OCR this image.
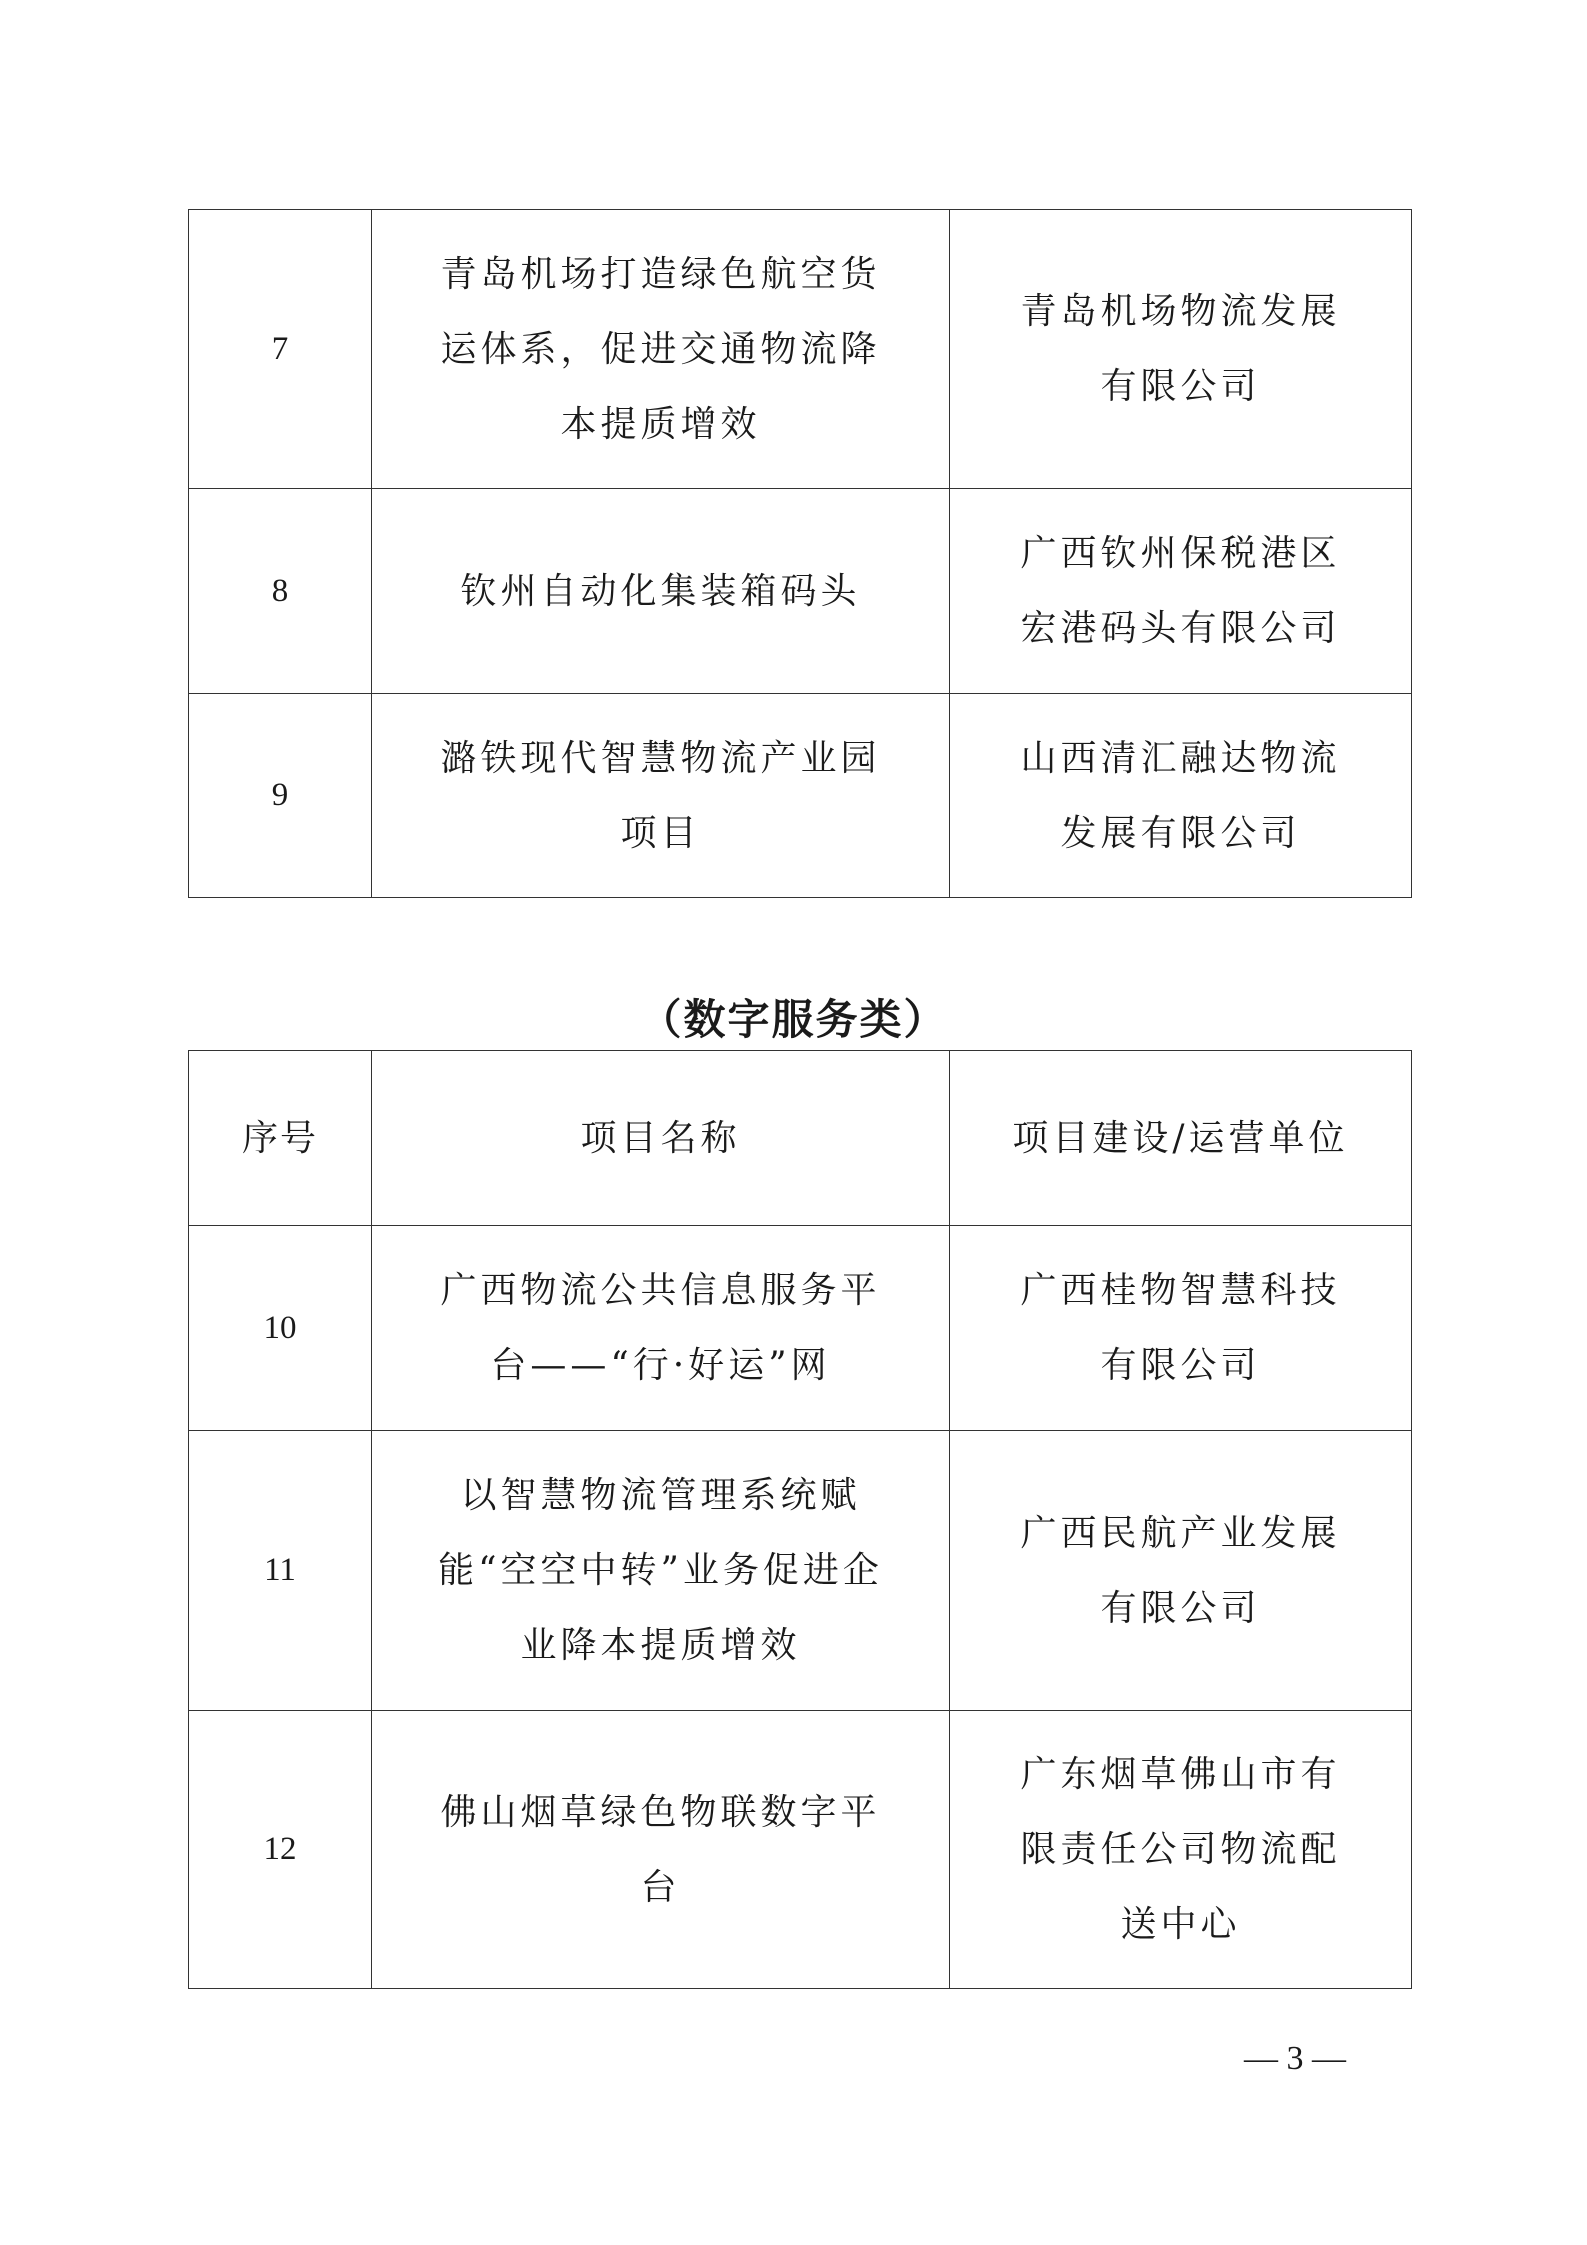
7	青岛机场打造绿色航空货运体系，促进交通物流降本提质增效	青岛机场物流发展有限公司
8	钦州自动化集装箱码头	广西钦州保税港区宏港码头有限公司
9	潞铁现代智慧物流产业园项目	山西清汇融达物流发展有限公司
（数字服务类）
序号	项目名称	项目建设/运营单位
10	广西物流公共信息服务平台——“行·好运”网	广西桂物智慧科技有限公司
11	以智慧物流管理系统赋能“空空中转”业务促进企业降本提质增效	广西民航产业发展有限公司
12	佛山烟草绿色物联数字平台	广东烟草佛山市有限责任公司物流配送中心
— 3 —
